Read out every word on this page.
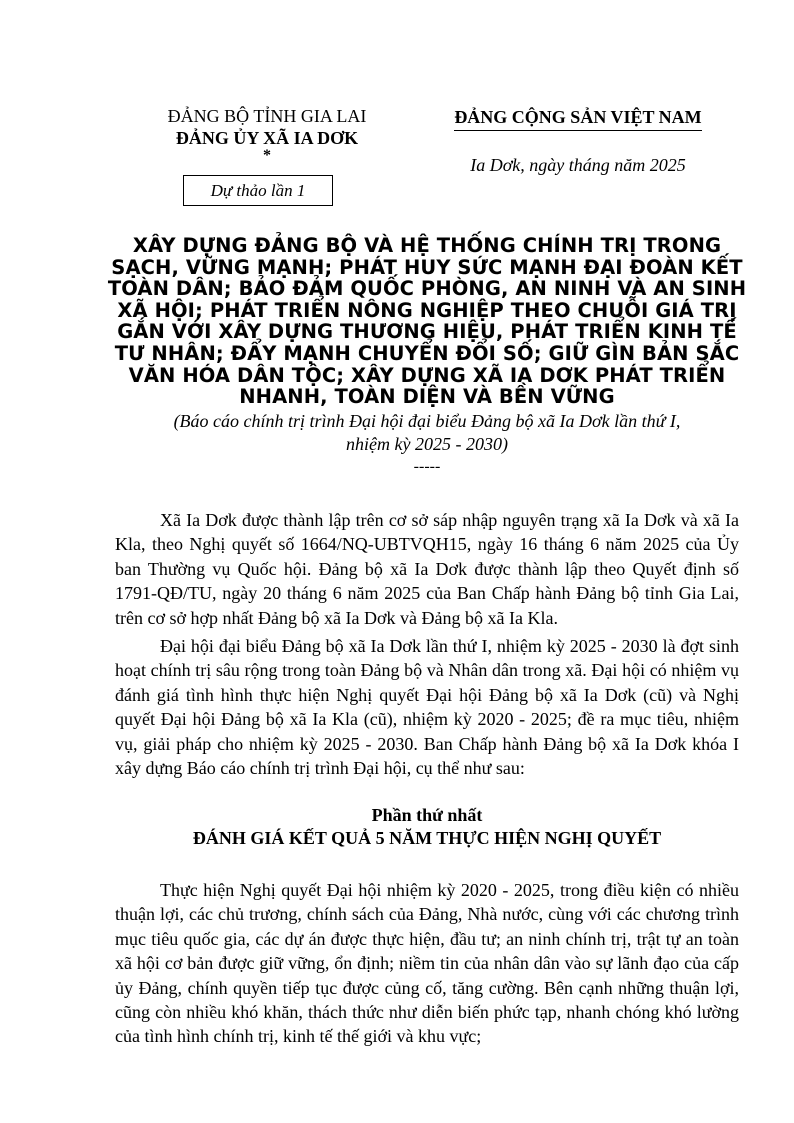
ĐẢNG BỘ TỈNH GIA LAI
ĐẢNG ỦY XÃ IA DƠK
*
Dự thảo lần 1
ĐẢNG CỘNG SẢN VIỆT NAM
Ia Dơk, ngày tháng năm 2025
XÂY DỰNG ĐẢNG BỘ VÀ HỆ THỐNG CHÍNH TRỊ TRONG SẠCH, VỮNG MẠNH; PHÁT HUY SỨC MẠNH ĐẠI ĐOÀN KẾT TOÀN DÂN; BẢO ĐẢM QUỐC PHÒNG, AN NINH VÀ AN SINH XÃ HỘI; PHÁT TRIỂN NÔNG NGHIỆP THEO CHUỖI GIÁ TRỊ GẮN VỚI XÂY DỰNG THƯƠNG HIỆU, PHÁT TRIỂN KINH TẾ TƯ NHÂN; ĐẨY MẠNH CHUYỂN ĐỔI SỐ; GIỮ GÌN BẢN SẮC VĂN HÓA DÂN TỘC; XÂY DỰNG XÃ IA DƠK PHÁT TRIỂN NHANH, TOÀN DIỆN VÀ BỀN VỮNG
(Báo cáo chính trị trình Đại hội đại biểu Đảng bộ xã Ia Dơk lần thứ I,
nhiệm kỳ 2025 - 2030)
-----

Xã Ia Dơk được thành lập trên cơ sở sáp nhập nguyên trạng xã Ia Dơk và xã Ia Kla, theo Nghị quyết số 1664/NQ-UBTVQH15, ngày 16 tháng 6 năm 2025 của Ủy ban Thường vụ Quốc hội. Đảng bộ xã Ia Dơk được thành lập theo Quyết định số 1791-QĐ/TU, ngày 20 tháng 6 năm 2025 của Ban Chấp hành Đảng bộ tỉnh Gia Lai, trên cơ sở hợp nhất Đảng bộ xã Ia Dơk và Đảng bộ xã Ia Kla.

Đại hội đại biểu Đảng bộ xã Ia Dơk lần thứ I, nhiệm kỳ 2025 - 2030 là đợt sinh hoạt chính trị sâu rộng trong toàn Đảng bộ và Nhân dân trong xã. Đại hội có nhiệm vụ đánh giá tình hình thực hiện Nghị quyết Đại hội Đảng bộ xã Ia Dơk (cũ) và Nghị quyết Đại hội Đảng bộ xã Ia Kla (cũ), nhiệm kỳ 2020 - 2025; đề ra mục tiêu, nhiệm vụ, giải pháp cho nhiệm kỳ 2025 - 2030. Ban Chấp hành Đảng bộ xã Ia Dơk khóa I xây dựng Báo cáo chính trị trình Đại hội, cụ thể như sau:

Phần thứ nhất
ĐÁNH GIÁ KẾT QUẢ 5 NĂM THỰC HIỆN NGHỊ QUYẾT

Thực hiện Nghị quyết Đại hội nhiệm kỳ 2020 - 2025, trong điều kiện có nhiều thuận lợi, các chủ trương, chính sách của Đảng, Nhà nước, cùng với các chương trình mục tiêu quốc gia, các dự án được thực hiện, đầu tư; an ninh chính trị, trật tự an toàn xã hội cơ bản được giữ vững, ổn định; niềm tin của nhân dân vào sự lãnh đạo của cấp ủy Đảng, chính quyền tiếp tục được củng cố, tăng cường. Bên cạnh những thuận lợi, cũng còn nhiều khó khăn, thách thức như diễn biến phức tạp, nhanh chóng khó lường của tình hình chính trị, kinh tế thế giới và khu vực;
